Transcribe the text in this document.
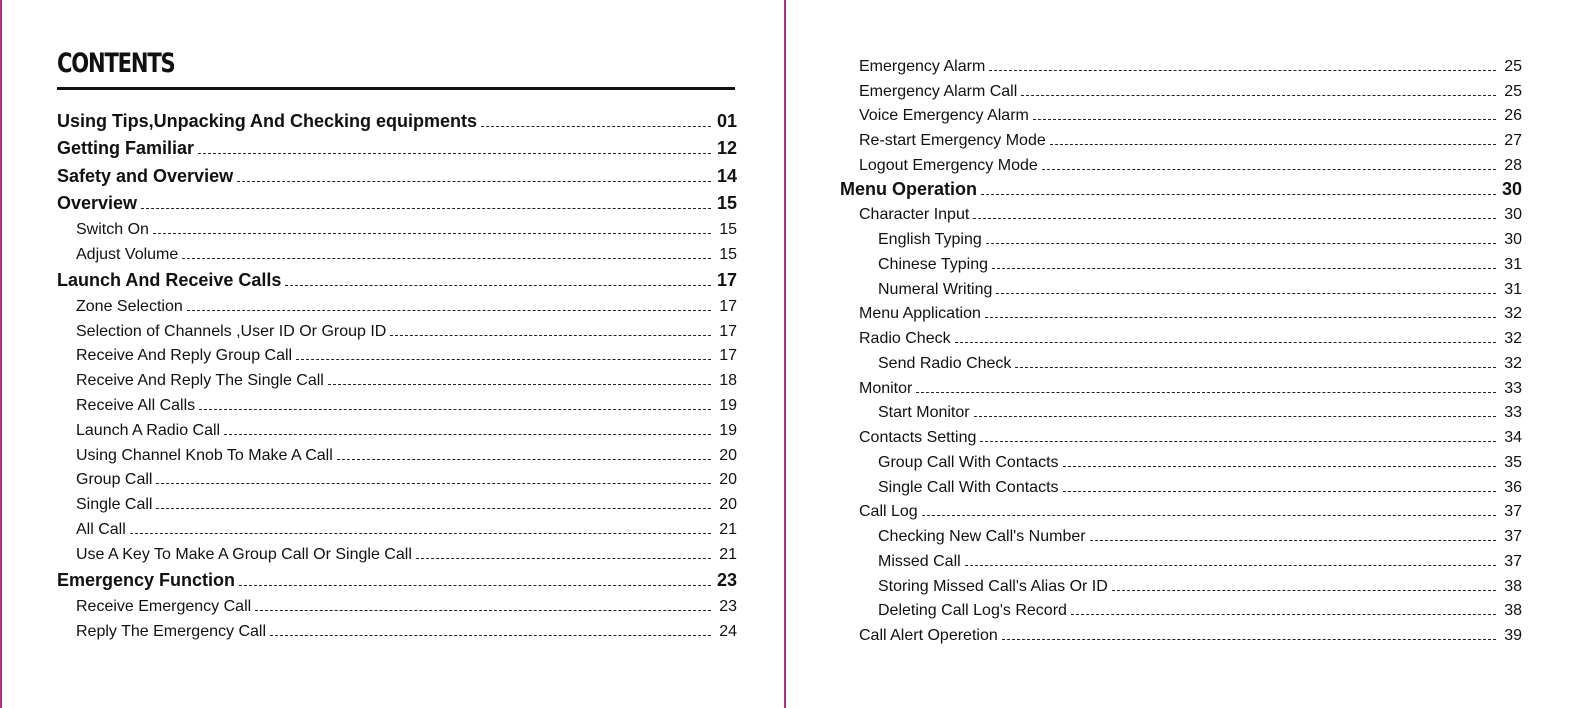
CONTENTS
Using Tips,Unpacking And Checking equipments	01
Getting Familiar	12
Safety and Overview	14
Overview	15
Switch On	15
Adjust Volume	15
Launch And Receive Calls	17
Zone Selection	17
Selection of Channels ,User ID Or Group ID	17
Receive And Reply Group Call	17
Receive And Reply The Single Call	18
Receive All Calls	19
Launch A Radio Call	19
Using Channel Knob To Make A Call	20
Group Call	20
Single Call	20
All Call	21
Use A Key To Make A Group Call Or Single Call	21
Emergency Function	23
Receive Emergency Call	23
Reply The Emergency Call	24
Emergency Alarm	25
Emergency Alarm Call	25
Voice Emergency Alarm	26
Re-start Emergency Mode	27
Logout Emergency Mode	28
Menu Operation	30
Character Input	30
English Typing	30
Chinese Typing	31
Numeral Writing	31
Menu Application	32
Radio Check	32
Send Radio Check	32
Monitor	33
Start Monitor	33
Contacts Setting	34
Group Call With Contacts	35
Single Call With Contacts	36
Call Log	37
Checking New Call's Number	37
Missed Call	37
Storing Missed Call's Alias Or ID	38
Deleting Call Log's Record	38
Call Alert Operetion	39
